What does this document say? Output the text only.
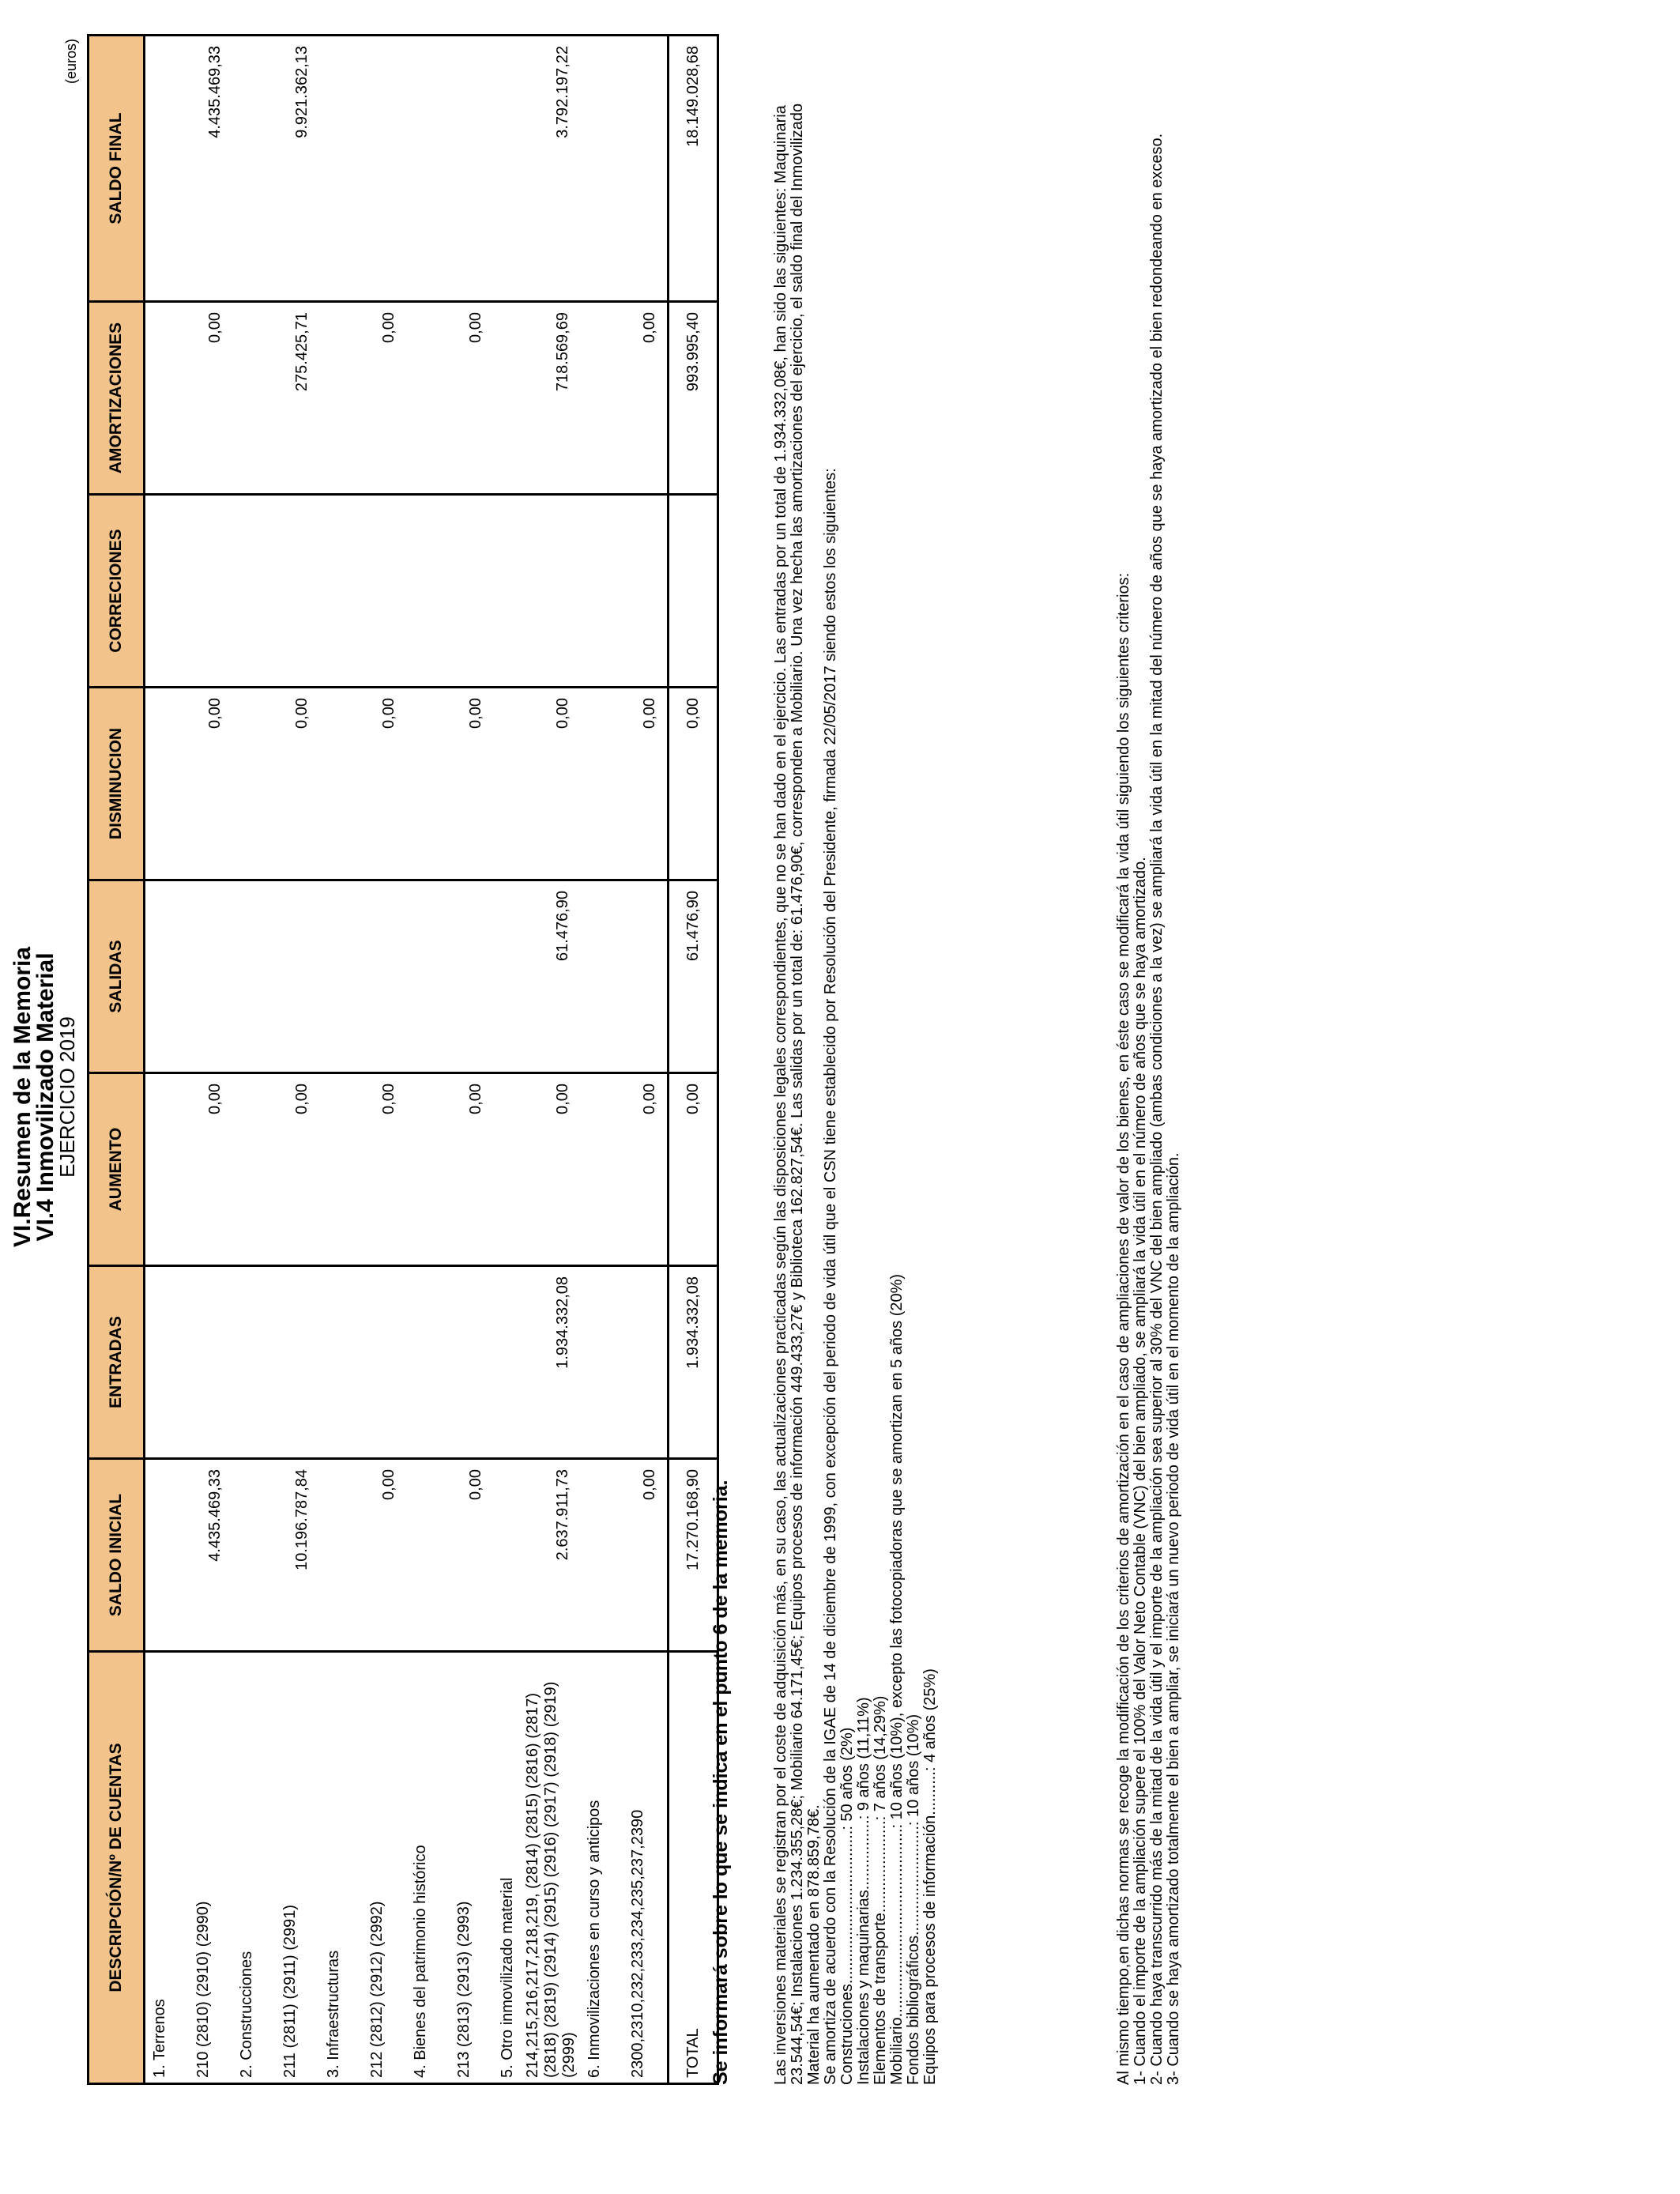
VI.Resumen de la Memoria
VI.4 Inmovilizado Material
EJERCICIO 2019
(euros)
DESCRIPCIÓN/Nº DE CUENTAS	SALDO INICIAL	ENTRADAS	AUMENTO	SALIDAS	DISMINUCION	CORRECIONES	AMORTIZACIONES	SALDO FINAL
1. Terrenos								
210 (2810) (2910) (2990)	4.435.469,33		0,00		0,00		0,00	4.435.469,33
2. Construcciones								
211 (2811) (2911) (2991)	10.196.787,84		0,00		0,00		275.425,71	9.921.362,13
3. Infraestructuras								
212 (2812) (2912) (2992)	0,00		0,00		0,00		0,00	
4. Bienes del patrimonio histórico								
213 (2813) (2913) (2993)	0,00		0,00		0,00		0,00	
5. Otro inmovilizado material								
214,215,216,217,218,219, (2814) (2815) (2816) (2817) (2818) (2819) (2914) (2915) (2916) (2917) (2918) (2919) (2999)	2.637.911,73	1.934.332,08	0,00	61.476,90	0,00		718.569,69	3.792.197,22
6. Inmovilizaciones en curso y anticipos								
2300,2310,232,233,234,235,237,2390	0,00		0,00		0,00		0,00	
TOTAL	17.270.168,90	1.934.332,08	0,00	61.476,90	0,00		993.995,40	18.149.028,68
Se informará sobre lo que se indica en el punto 6 de la memoria.	Las inversiones materiales se registran por el coste de adquisición más, en su caso, las actualizaciones practicadas según las disposiciones legales correspondientes, que no se han dado en el ejercicio. Las entradas por un total de 1.934.332,08€, han sido las siguientes: Maquinaria 23.544,54€; Instalaciones 1.234.355,28€; Mobiliario 64.171,45€; Equipos procesos de información 449.433,27€ y Biblioteca 162.827,54€. Las salidas por un total de: 61.476,90€, corresponden a Mobiliario. Una vez hecha las amortizaciones del ejercicio, el saldo final del Inmovilizado Material ha aumentado en 878.859,78€. Se amortiza de acuerdo con la Resolución de la IGAE de 14 de diciembre de 1999, con excepción del periodo de vida útil que el CSN tiene establecido por Resolución del Presidente, firmada 22/05/2017 siendo estos los siguientes: Construciones...................................: 50 años (2%) Instalaciones y maquinarias................: 9 años (11,11%) Elementos de transporte.....................: 7 años (14,29%) Mobiliario...........................................: 10 años (10%), excepto las fotocopiadoras que se amortizan en 5 años (20%) Fondos bibliográficos.........................: 10 años (10%) Equipos para procesos de información..........: 4 años (25%)	Al mismo tiempo,en dichas normas se recoge la modificación de los criterios de amortización en el caso de ampliaciones de valor de los bienes, en éste caso se modificará la vida útil siguiendo los siguientes criterios: 1- Cuando el importe de la ampliación supere el 100% del Valor Neto Contable (VNC) del bien ampliado, se ampliará la vida útil en el número de años que se haya amortizado. 2- Cuando haya transcurrido más de la mitad de la vida útil y el importe de la ampliación sea superior al 30% del VNC del bien ampliado (ambas condiciones a la vez) se ampliará la vida útil en la mitad del número de años que se haya amortizado el bien redondeando en exceso. 3- Cuando se haya amortizado totalmente el bien a ampliar, se iniciará un nuevo periodo de vida útil en el momento de la ampliación.
